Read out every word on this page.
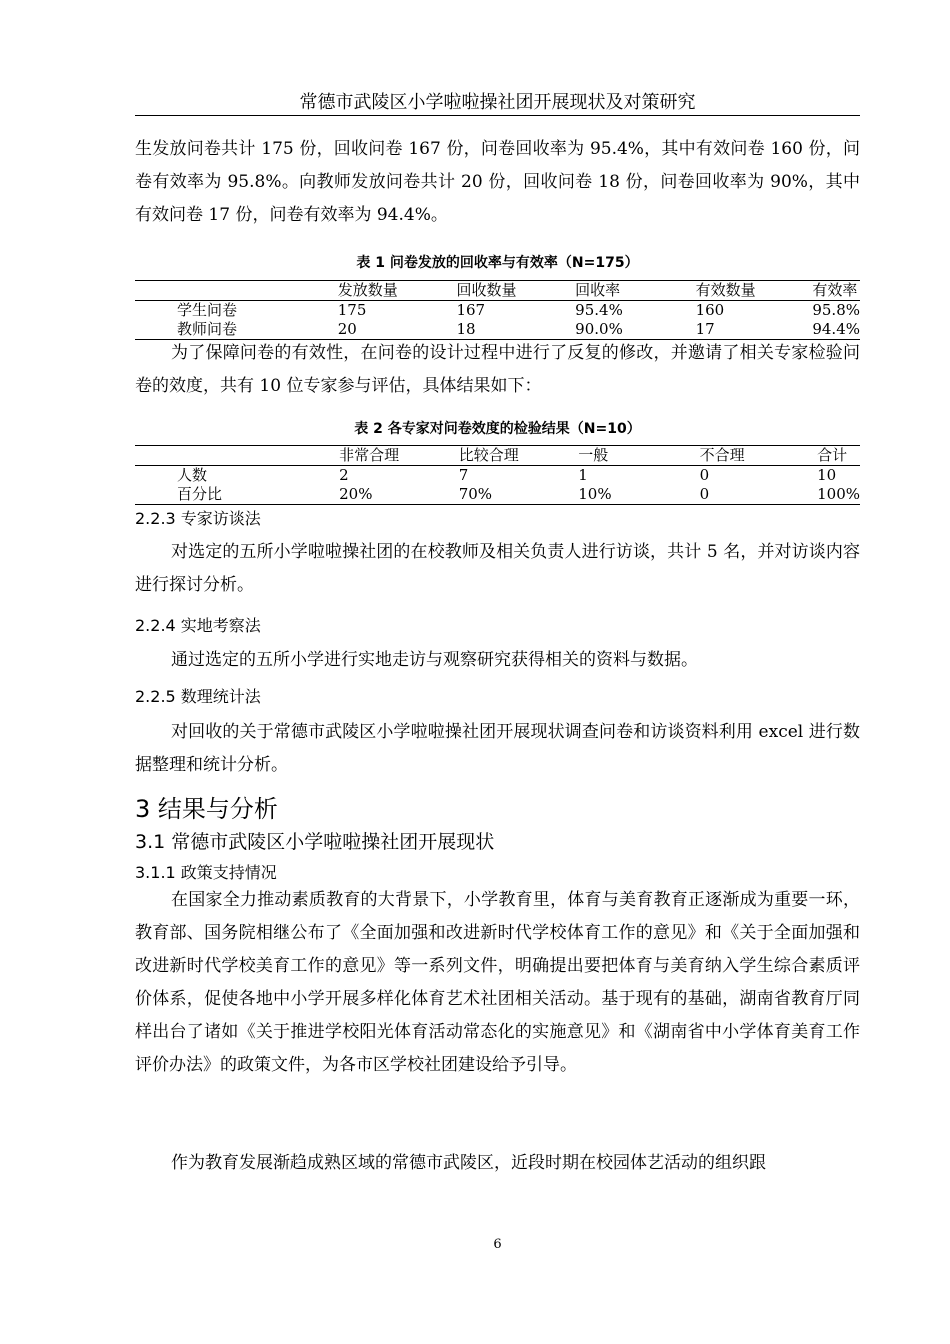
常德市武陵区小学啦啦操社团开展现状及对策研究
生发放问卷共计 175 份，回收问卷 167 份，问卷回收率为 95.4%，其中有效问卷 160 份，问卷有效率为 95.8%。向教师发放问卷共计 20 份，回收问卷 18 份，问卷回收率为 90%，其中有效问卷 17 份，问卷有效率为 94.4%。
表 1 问卷发放的回收率与有效率（N=175）
	发放数量	回收数量	回收率	有效数量	有效率
学生问卷	175	167	95.4%	160	95.8%
教师问卷	20	18	90.0%	17	94.4%
为了保障问卷的有效性，在问卷的设计过程中进行了反复的修改，并邀请了相关专家检验问卷的效度，共有 10 位专家参与评估，具体结果如下：
表 2 各专家对问卷效度的检验结果（N=10）
	非常合理	比较合理	一般	不合理	合计
人数	2	7	1	0	10
百分比	20%	70%	10%	0	100%
2.2.3 专家访谈法
对选定的五所小学啦啦操社团的在校教师及相关负责人进行访谈，共计 5 名，并对访谈内容进行探讨分析。
2.2.4 实地考察法
通过选定的五所小学进行实地走访与观察研究获得相关的资料与数据。
2.2.5 数理统计法
对回收的关于常德市武陵区小学啦啦操社团开展现状调查问卷和访谈资料利用 excel 进行数据整理和统计分析。
3 结果与分析
3.1 常德市武陵区小学啦啦操社团开展现状
3.1.1 政策支持情况
在国家全力推动素质教育的大背景下，小学教育里，体育与美育教育正逐渐成为重要一环，教育部、国务院相继公布了《全面加强和改进新时代学校体育工作的意见》和《关于全面加强和改进新时代学校美育工作的意见》等一系列文件，明确提出要把体育与美育纳入学生综合素质评价体系，促使各地中小学开展多样化体育艺术社团相关活动。基于现有的基础，湖南省教育厅同样出台了诸如《关于推进学校阳光体育活动常态化的实施意见》和《湖南省中小学体育美育工作评价办法》的政策文件，为各市区学校社团建设给予引导。
作为教育发展渐趋成熟区域的常德市武陵区，近段时期在校园体艺活动的组织跟
6
